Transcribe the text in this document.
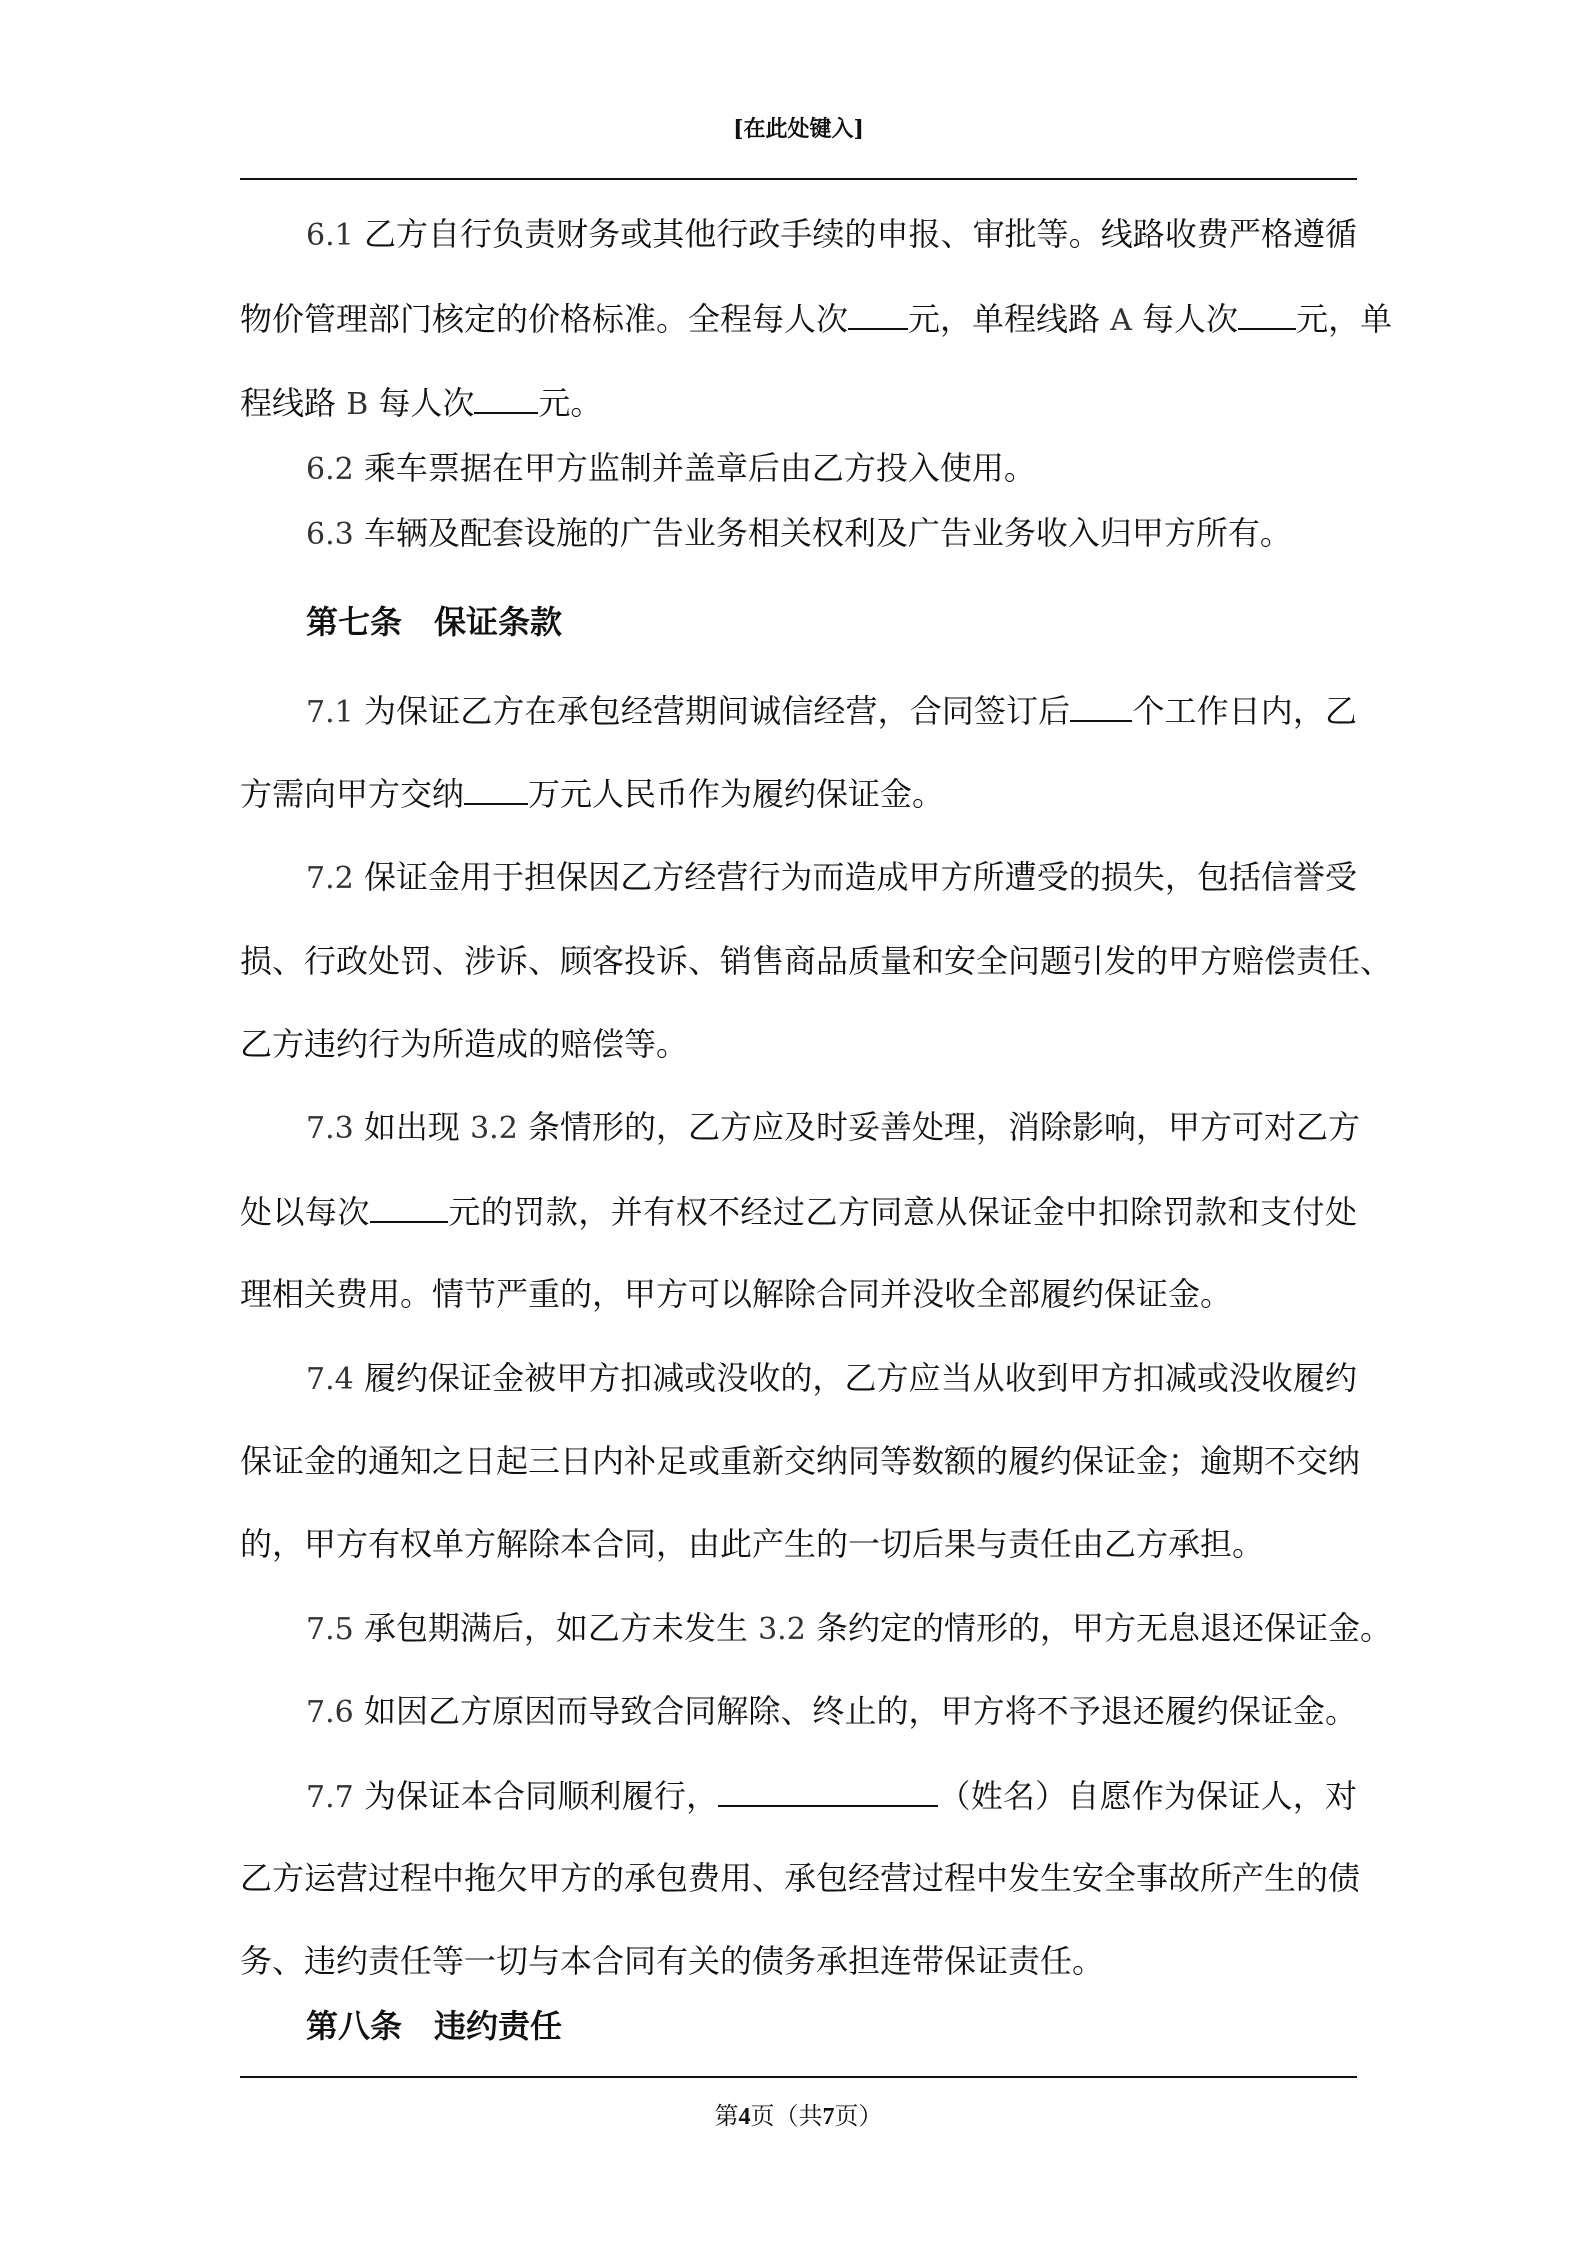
[在此处键入]
6.1 乙方自行负责财务或其他行政手续的申报、审批等。线路收费严格遵循
物价管理部门核定的价格标准。全程每人次 元，单程线路 A 每人次 元，单
程线路 B 每人次 元。
6.2 乘车票据在甲方监制并盖章后由乙方投入使用。
6.3 车辆及配套设施的广告业务相关权利及广告业务收入归甲方所有。
第七条　保证条款
7.1 为保证乙方在承包经营期间诚信经营，合同签订后 个工作日内，乙
方需向甲方交纳 万元人民币作为履约保证金。
7.2 保证金用于担保因乙方经营行为而造成甲方所遭受的损失，包括信誉受
损、行政处罚、涉诉、顾客投诉、销售商品质量和安全问题引发的甲方赔偿责任、
乙方违约行为所造成的赔偿等。
7.3 如出现 3.2 条情形的，乙方应及时妥善处理，消除影响，甲方可对乙方
处以每次 元的罚款，并有权不经过乙方同意从保证金中扣除罚款和支付处
理相关费用。情节严重的，甲方可以解除合同并没收全部履约保证金。
7.4 履约保证金被甲方扣减或没收的，乙方应当从收到甲方扣减或没收履约
保证金的通知之日起三日内补足或重新交纳同等数额的履约保证金；逾期不交纳
的，甲方有权单方解除本合同，由此产生的一切后果与责任由乙方承担。
7.5 承包期满后，如乙方未发生 3.2 条约定的情形的，甲方无息退还保证金。
7.6 如因乙方原因而导致合同解除、终止的，甲方将不予退还履约保证金。
7.7 为保证本合同顺利履行，	（姓名）自愿作为保证人，对
乙方运营过程中拖欠甲方的承包费用、承包经营过程中发生安全事故所产生的债
务、违约责任等一切与本合同有关的债务承担连带保证责任。
第八条　违约责任
第4页（共7页）
